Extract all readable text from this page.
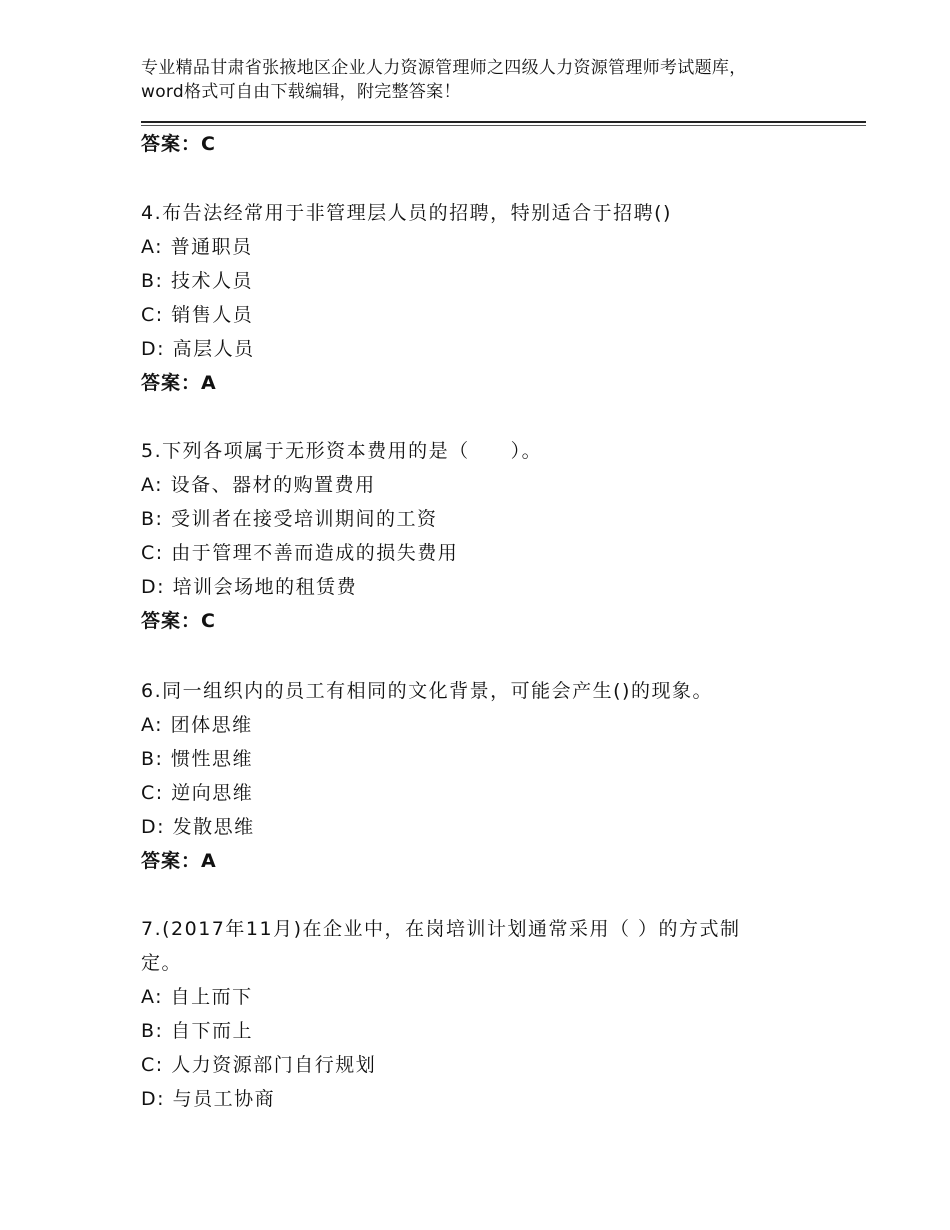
专业精品甘肃省张掖地区企业人力资源管理师之四级人力资源管理师考试题库，word格式可自由下载编辑，附完整答案！
答案：C
4.布告法经常用于非管理层人员的招聘，特别适合于招聘()
A: 普通职员
B: 技术人员
C: 销售人员
D: 高层人员
答案：A
5.下列各项属于无形资本费用的是（　　）。
A: 设备、器材的购置费用
B: 受训者在接受培训期间的工资
C: 由于管理不善而造成的损失费用
D: 培训会场地的租赁费
答案：C
6.同一组织内的员工有相同的文化背景，可能会产生()的现象。
A: 团体思维
B: 惯性思维
C: 逆向思维
D: 发散思维
答案：A
7.(2017年11月)在企业中，在岗培训计划通常采用（ ）的方式制定。
A: 自上而下
B: 自下而上
C: 人力资源部门自行规划
D: 与员工协商
